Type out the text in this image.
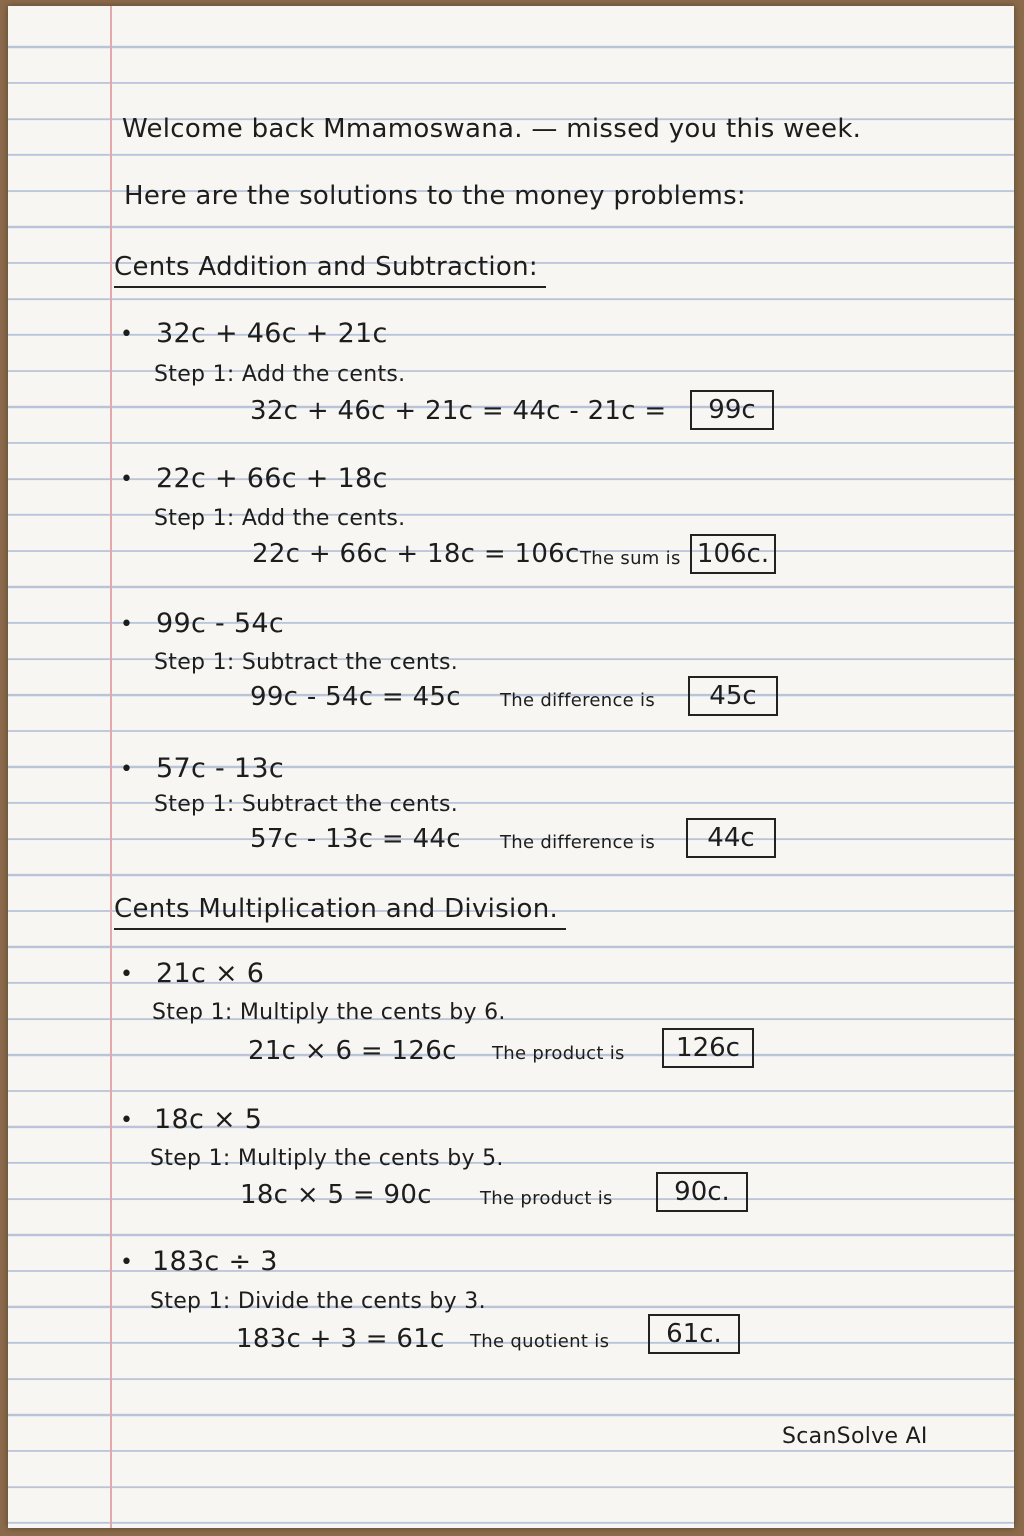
Welcome back Mmamoswana. — missed you this week.
Here are the solutions to the money problems:
Cents Addition and Subtraction:
• 32c + 46c + 21c
Step 1: Add the cents.
32c + 46c + 21c = 44c - 21c =	99c
• 22c + 66c + 18c
Step 1: Add the cents.
22c + 66c + 18c = 106c The sum is 106c.
• 99c - 54c
Step 1: Subtract the cents.
99c - 54c = 45c The difference is	45c
• 57c - 13c
Step 1: Subtract the cents.
57c - 13c = 44c The difference is	44c
Cents Multiplication and Division.
• 21c × 6
Step 1: Multiply the cents by 6.
21c × 6 = 126c The product is	126c
• 18c × 5
Step 1: Multiply the cents by 5.
18c × 5 = 90c	The product is	90c.
• 183c ÷ 3
Step 1: Divide the cents by 3.
183c + 3 = 61c The quotient is	61c.
ScanSolve AI
